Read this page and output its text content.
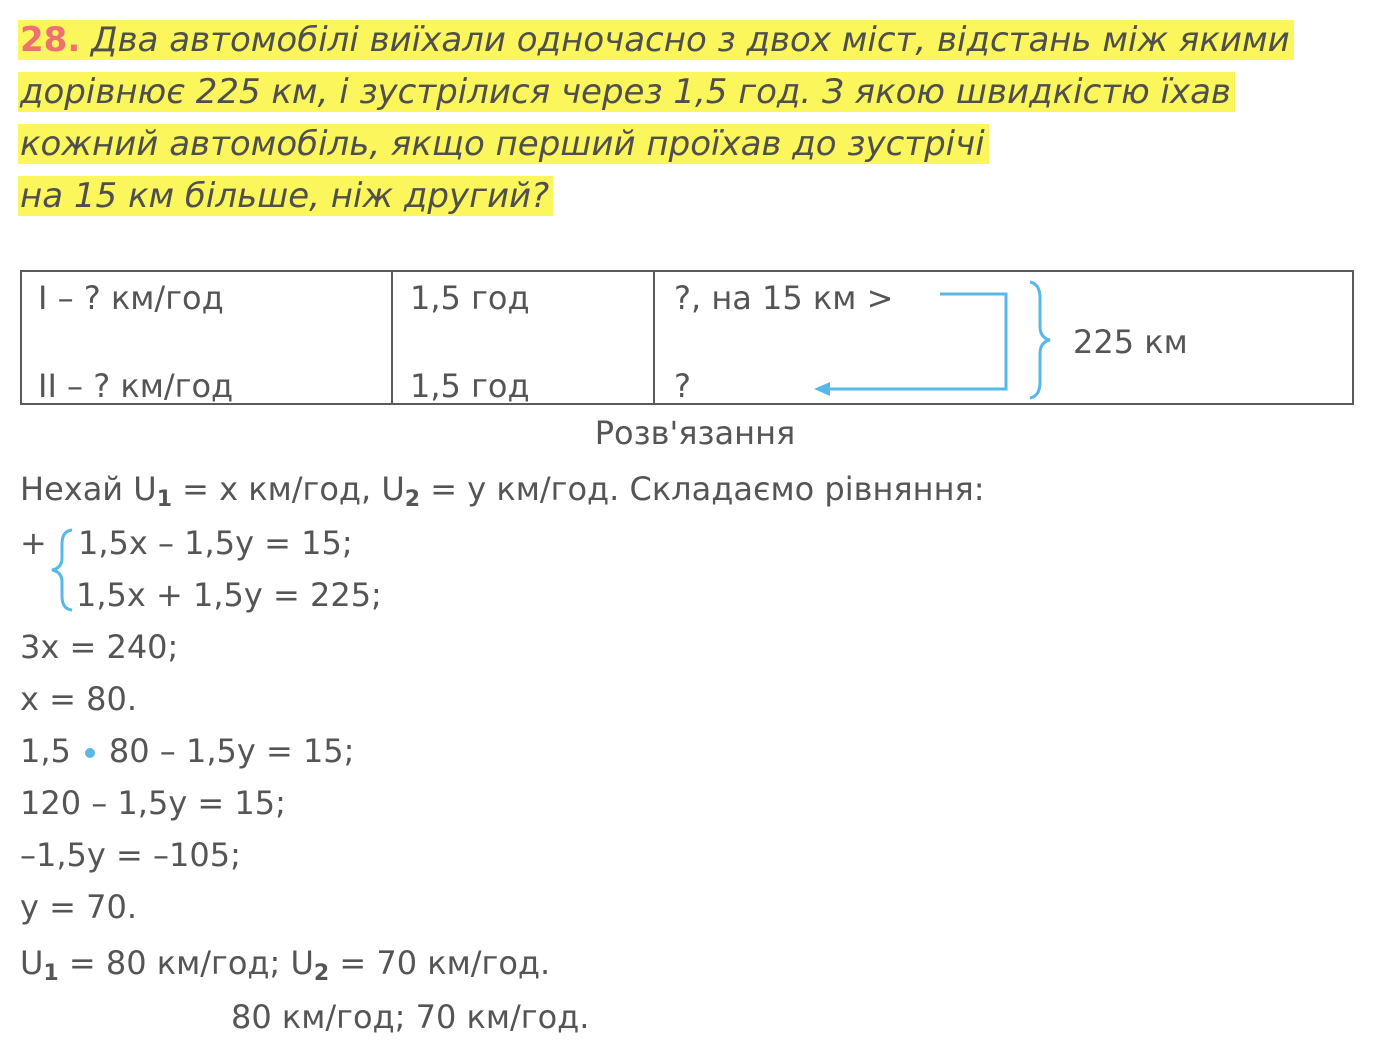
28. Два автомобілі виїхали одночасно з двох міст, відстань між якими
дорівнює 225 км, і зустрілися через 1,5 год. З якою швидкістю їхав
кожний автомобіль, якщо перший проїхав до зустрічі
на 15 км більше, ніж другий?
I – ? км/год
II – ? км/год
1,5 год
1,5 год
?, на 15 км >
?
225 км
Розв'язання
Нехай U1 = x км/год, U2 = y км/год. Складаємо рівняння:
+ 1,5x – 1,5y = 15;
1,5x + 1,5y = 225;
3x = 240;
x = 80.
1,5 80 – 1,5y = 15;
120 – 1,5y = 15;
–1,5y = –105;
y = 70.
U1 = 80 км/год; U2 = 70 км/год.
80 км/год; 70 км/год.
